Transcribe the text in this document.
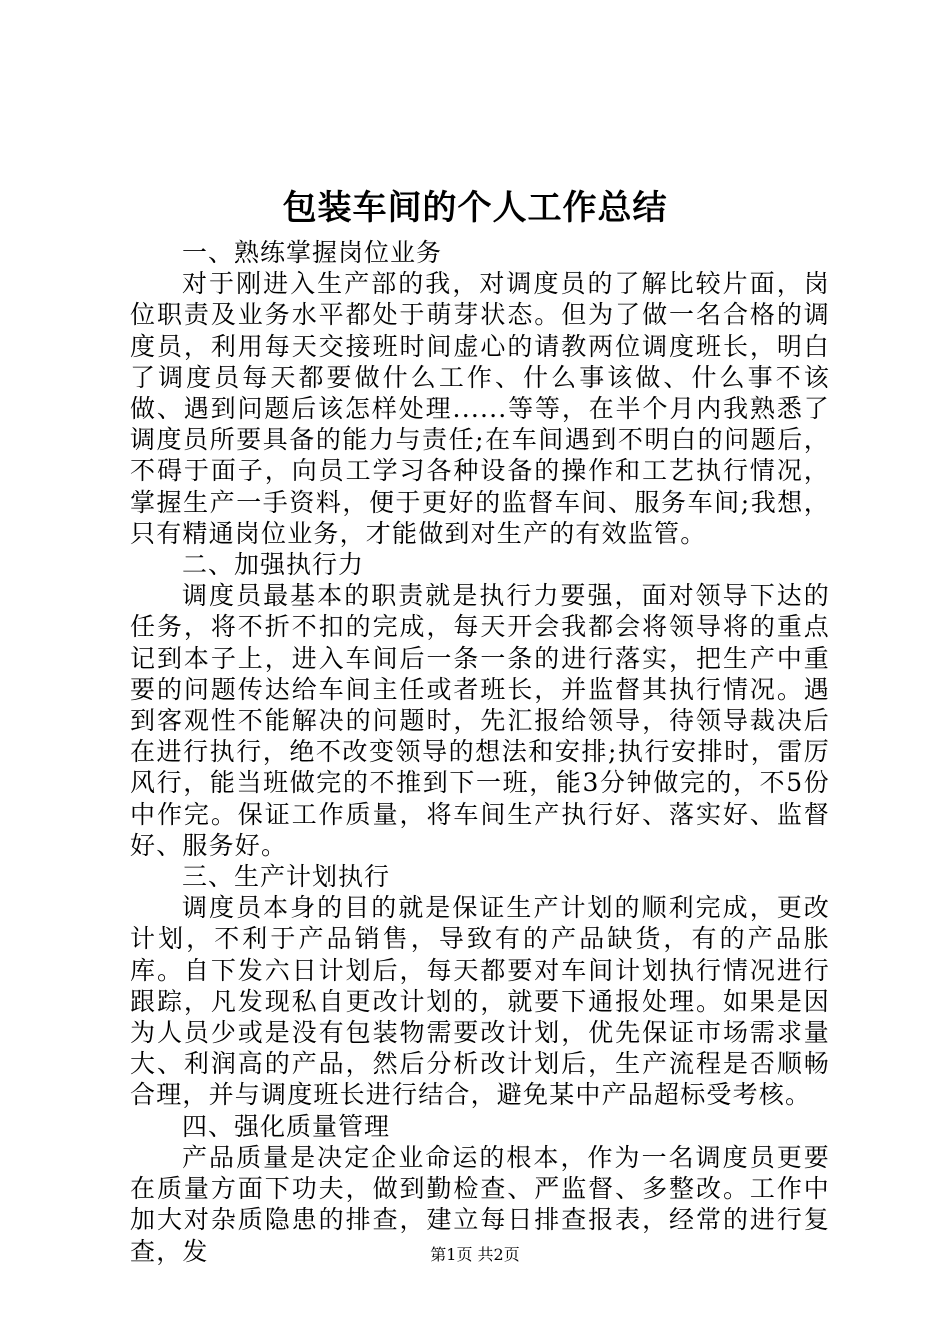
包装车间的个人工作总结

一、熟练掌握岗位业务

对于刚进入生产部的我，对调度员的了解比较片面，岗位职责及业务水平都处于萌芽状态。但为了做一名合格的调度员，利用每天交接班时间虚心的请教两位调度班长，明白了调度员每天都要做什么工作、什么事该做、什么事不该做、遇到问题后该怎样处理......等等，在半个月内我熟悉了调度员所要具备的能力与责任;在车间遇到不明白的问题后，不碍于面子，向员工学习各种设备的操作和工艺执行情况，掌握生产一手资料，便于更好的监督车间、服务车间;我想，只有精通岗位业务，才能做到对生产的有效监管。

二、加强执行力

调度员最基本的职责就是执行力要强，面对领导下达的任务，将不折不扣的完成，每天开会我都会将领导将的重点记到本子上，进入车间后一条一条的进行落实，把生产中重要的问题传达给车间主任或者班长，并监督其执行情况。遇到客观性不能解决的问题时，先汇报给领导，待领导裁决后在进行执行，绝不改变领导的想法和安排;执行安排时，雷厉风行，能当班做完的不推到下一班，能3分钟做完的，不5份中作完。保证工作质量，将车间生产执行好、落实好、监督好、服务好。

三、生产计划执行

调度员本身的目的就是保证生产计划的顺利完成，更改计划，不利于产品销售，导致有的产品缺货，有的产品胀库。自下发六日计划后，每天都要对车间计划执行情况进行跟踪，凡发现私自更改计划的，就要下通报处理。如果是因为人员少或是没有包装物需要改计划，优先保证市场需求量大、利润高的产品，然后分析改计划后，生产流程是否顺畅合理，并与调度班长进行结合，避免某中产品超标受考核。

四、强化质量管理

产品质量是决定企业命运的根本，作为一名调度员更要在质量方面下功夫，做到勤检查、严监督、多整改。工作中加大对杂质隐患的排查，建立每日排查报表，经常的进行复查，发	第1页 共2页
